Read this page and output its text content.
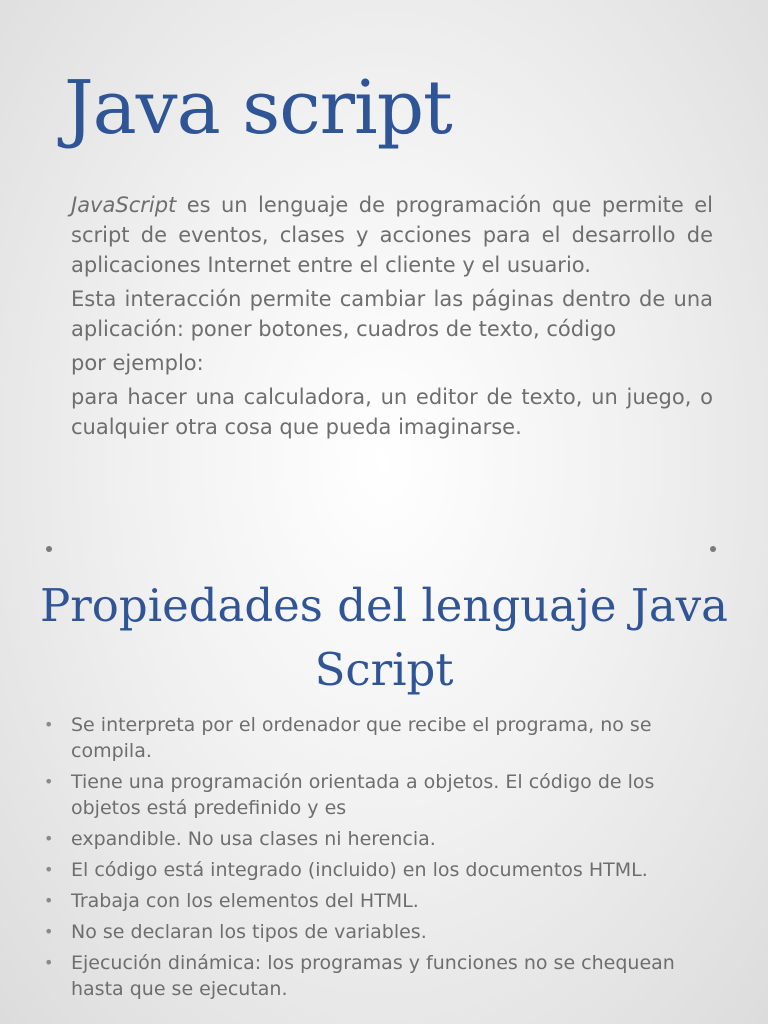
Java script

JavaScript es un lenguaje de programación que permite el script de eventos, clases y acciones para el desarrollo de aplicaciones Internet entre el cliente y el usuario.

Esta interacción permite cambiar las páginas dentro de una aplicación: poner botones, cuadros de texto, código

por ejemplo:

para hacer una calculadora, un editor de texto, un juego, o cualquier otra cosa que pueda imaginarse.

Propiedades del lenguaje Java Script
• Se interpreta por el ordenador que recibe el programa, no se compila.
• Tiene una programación orientada a objetos. El código de los objetos está predefinido y es
• expandible. No usa clases ni herencia.
• El código está integrado (incluido) en los documentos HTML.
• Trabaja con los elementos del HTML.
• No se declaran los tipos de variables.
• Ejecución dinámica: los programas y funciones no se chequean hasta que se ejecutan.
